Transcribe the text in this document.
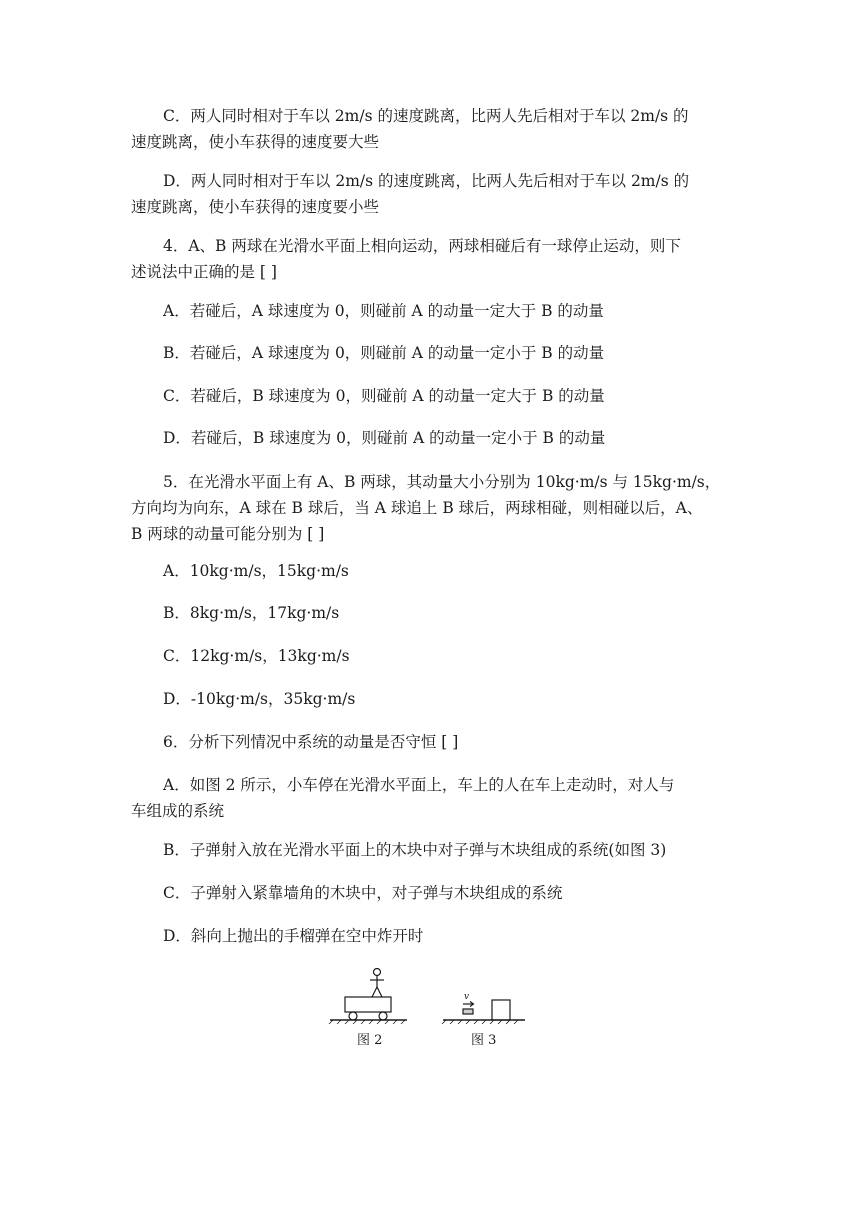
C．两人同时相对于车以 2m/s 的速度跳离，比两人先后相对于车以 2m/s 的
速度跳离，使小车获得的速度要大些

D．两人同时相对于车以 2m/s 的速度跳离，比两人先后相对于车以 2m/s 的
速度跳离，使小车获得的速度要小些

4．A、B 两球在光滑水平面上相向运动，两球相碰后有一球停止运动，则下
述说法中正确的是 [ ]

A．若碰后，A 球速度为 0，则碰前 A 的动量一定大于 B 的动量

B．若碰后，A 球速度为 0，则碰前 A 的动量一定小于 B 的动量

C．若碰后，B 球速度为 0，则碰前 A 的动量一定大于 B 的动量

D．若碰后，B 球速度为 0，则碰前 A 的动量一定小于 B 的动量

5．在光滑水平面上有 A、B 两球，其动量大小分别为 10kg·m/s 与 15kg·m/s，
方向均为向东，A 球在 B 球后，当 A 球追上 B 球后，两球相碰，则相碰以后，A、
B 两球的动量可能分别为 [ ]

A．10kg·m/s，15kg·m/s

B．8kg·m/s，17kg·m/s

C．12kg·m/s，13kg·m/s

D．-10kg·m/s，35kg·m/s

6．分析下列情况中系统的动量是否守恒 [ ]

A．如图 2 所示，小车停在光滑水平面上，车上的人在车上走动时，对人与
车组成的系统

B．子弹射入放在光滑水平面上的木块中对子弹与木块组成的系统(如图 3)

C．子弹射入紧靠墙角的木块中，对子弹与木块组成的系统

D．斜向上抛出的手榴弹在空中炸开时

图 2
v
图 3
